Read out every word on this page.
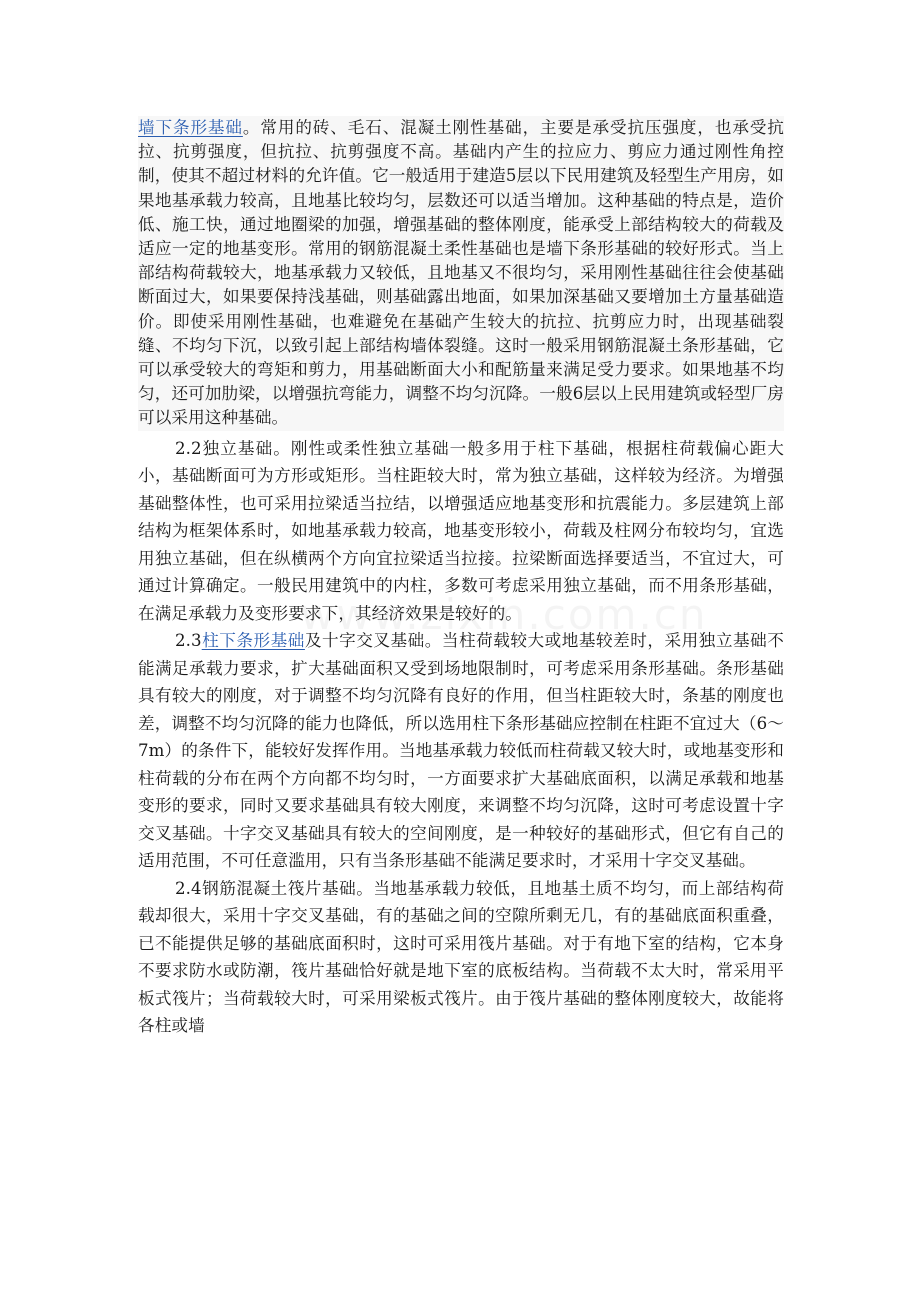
墙下条形基础。常用的砖、毛石、混凝土刚性基础，主要是承受抗压强度，也承受抗拉、抗剪强度，但抗拉、抗剪强度不高。基础内产生的拉应力、剪应力通过刚性角控制，使其不超过材料的允许值。它一般适用于建造5层以下民用建筑及轻型生产用房，如果地基承载力较高，且地基比较均匀，层数还可以适当增加。这种基础的特点是，造价低、施工快，通过地圈梁的加强，增强基础的整体刚度，能承受上部结构较大的荷载及适应一定的地基变形。常用的钢筋混凝土柔性基础也是墙下条形基础的较好形式。当上部结构荷载较大，地基承载力又较低，且地基又不很均匀，采用刚性基础往往会使基础断面过大，如果要保持浅基础，则基础露出地面，如果加深基础又要增加土方量基础造价。即使采用刚性基础，也难避免在基础产生较大的抗拉、抗剪应力时，出现基础裂缝、不均匀下沉，以致引起上部结构墙体裂缝。这时一般采用钢筋混凝土条形基础，它可以承受较大的弯矩和剪力，用基础断面大小和配筋量来满足受力要求。如果地基不均匀，还可加肋梁，以增强抗弯能力，调整不均匀沉降。一般6层以上民用建筑或轻型厂房可以采用这种基础。

2.2独立基础。刚性或柔性独立基础一般多用于柱下基础，根据柱荷载偏心距大小，基础断面可为方形或矩形。当柱距较大时，常为独立基础，这样较为经济。为增强基础整体性，也可采用拉梁适当拉结，以增强适应地基变形和抗震能力。多层建筑上部结构为框架体系时，如地基承载力较高，地基变形较小，荷载及柱网分布较均匀，宜选用独立基础，但在纵横两个方向宜拉梁适当拉接。拉梁断面选择要适当，不宜过大，可通过计算确定。一般民用建筑中的内柱，多数可考虑采用独立基础，而不用条形基础，在满足承载力及变形要求下，其经济效果是较好的。

2.3柱下条形基础及十字交叉基础。当柱荷载较大或地基较差时，采用独立基础不能满足承载力要求，扩大基础面积又受到场地限制时，可考虑采用条形基础。条形基础具有较大的刚度，对于调整不均匀沉降有良好的作用，但当柱距较大时，条基的刚度也差，调整不均匀沉降的能力也降低，所以选用柱下条形基础应控制在柱距不宜过大（6～7m）的条件下，能较好发挥作用。当地基承载力较低而柱荷载又较大时，或地基变形和柱荷载的分布在两个方向都不均匀时，一方面要求扩大基础底面积，以满足承载和地基变形的要求，同时又要求基础具有较大刚度，来调整不均匀沉降，这时可考虑设置十字交叉基础。十字交叉基础具有较大的空间刚度，是一种较好的基础形式，但它有自己的适用范围，不可任意滥用，只有当条形基础不能满足要求时，才采用十字交叉基础。

2.4钢筋混凝土筏片基础。当地基承载力较低，且地基土质不均匀，而上部结构荷载却很大，采用十字交叉基础，有的基础之间的空隙所剩无几，有的基础底面积重叠，已不能提供足够的基础底面积时，这时可采用筏片基础。对于有地下室的结构，它本身不要求防水或防潮，筏片基础恰好就是地下室的底板结构。当荷载不太大时，常采用平板式筏片；当荷载较大时，可采用梁板式筏片。由于筏片基础的整体刚度较大，故能将各柱或墙
